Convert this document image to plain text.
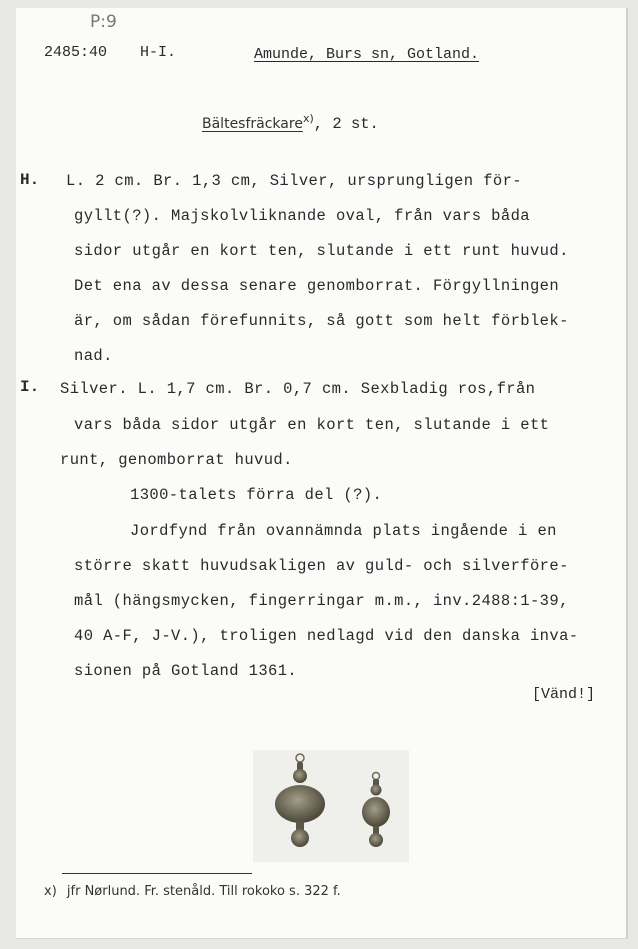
P:9
2485:40 H-I.	Amunde, Burs sn, Gotland.
Bältesfräckare$^{x)}$, 2 st.
H. L. 2 cm. Br. 1,3 cm, Silver, ursprungligen för-
gyllt(?). Majskolvliknande oval, från vars båda
sidor utgår en kort ten, slutande i ett runt huvud.
Det ena av dessa senare genomborrat. Förgyllningen
är, om sådan förefunnits, så gott som helt förblek-
nad.
I. Silver. L. 1,7 cm. Br. 0,7 cm. Sexbladig ros,från
vars båda sidor utgår en kort ten, slutande i ett
runt, genomborrat huvud.
1300-talets förra del (?).
Jordfynd från ovannämnda plats ingående i en
större skatt huvudsakligen av guld- och silverföre-
mål (hängsmycken, fingerringar m.m., inv.2488:1-39,
40 A-F, J-V.), troligen nedlagd vid den danska inva-
sionen på Gotland 1361.
[Vänd!]
x) jfr Nørlund. Fr. stenåld. Till rokoko s. 322 f.
